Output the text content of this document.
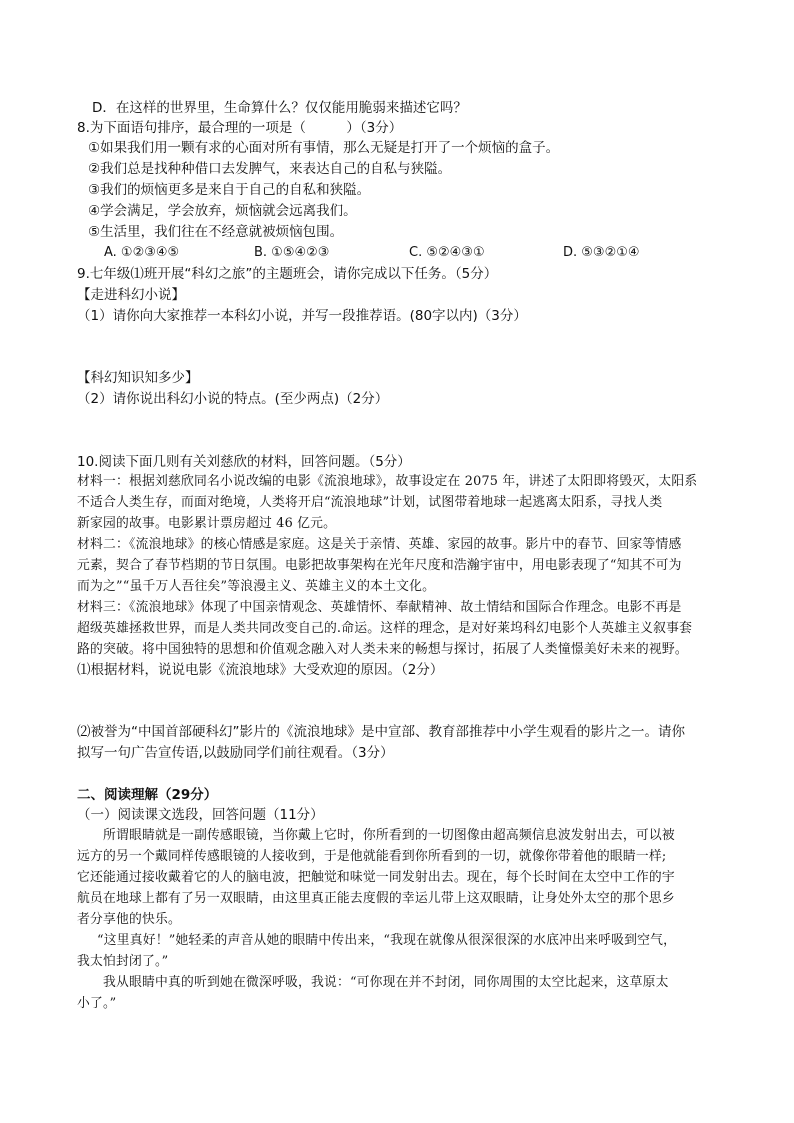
D．在这样的世界里，生命算什么？仅仅能用脆弱来描述它吗？
8.为下面语句排序，最合理的一项是（　　　）（3分）
①如果我们用一颗有求的心面对所有事情，那么无疑是打开了一个烦恼的盒子。
②我们总是找种种借口去发脾气，来表达自己的自私与狭隘。
③我们的烦恼更多是来自于自己的自私和狭隘。
④学会满足，学会放弃，烦恼就会远离我们。
⑤生活里，我们往在不经意就被烦恼包围。
A. ①②③④⑤	B. ①⑤④②③	C. ⑤②④③①	D. ⑤③②①④
9.七年级⑴班开展“科幻之旅”的主题班会，请你完成以下任务。（5分）
【走进科幻小说】
（1）请你向大家推荐一本科幻小说，并写一段推荐语。(80字以内)（3分）
【科幻知识知多少】
（2）请你说出科幻小说的特点。(至少两点)（2分）
10.阅读下面几则有关刘慈欣的材料，回答问题。（5分）
材料一：根据刘慈欣同名小说改编的电影《流浪地球》，故事设定在 2075 年，讲述了太阳即将毁灭，太阳系
不适合人类生存，而面对绝境，人类将开启“流浪地球”计划，试图带着地球一起逃离太阳系，寻找人类
新家园的故事。电影累计票房超过 46 亿元。
材料二：《流浪地球》的核心情感是家庭。这是关于亲情、英雄、家园的故事。影片中的春节、回家等情感
元素，契合了春节档期的节日氛围。电影把故事架构在光年尺度和浩瀚宇宙中，用电影表现了“知其不可为
而为之”“虽千万人吾往矣”等浪漫主义、英雄主义的本土文化。
材料三：《流浪地球》体现了中国亲情观念、英雄情怀、奉献精神、故土情结和国际合作理念。电影不再是
超级英雄拯救世界，而是人类共同改变自己的.命运。这样的理念，是对好莱坞科幻电影个人英雄主义叙事套
路的突破。将中国独特的思想和价值观念融入对人类未来的畅想与探讨，拓展了人类憧憬美好未来的视野。
⑴根据材料，说说电影《流浪地球》大受欢迎的原因。（2分）
⑵被誉为“中国首部硬科幻”影片的《流浪地球》是中宣部、教育部推荐中小学生观看的影片之一。请你
拟写一句广告宣传语,以鼓励同学们前往观看。（3分）
二、阅读理解（29分）
（一）阅读课文选段，回答问题（11分）
所谓眼睛就是一副传感眼镜，当你戴上它时，你所看到的一切图像由超高频信息波发射出去，可以被
远方的另一个戴同样传感眼镜的人接收到，于是他就能看到你所看到的一切，就像你带着他的眼睛一样;
它还能通过接收戴着它的人的脑电波，把触觉和味觉一同发射出去。现在，每个长时间在太空中工作的宇
航员在地球上都有了另一双眼睛，由这里真正能去度假的幸运儿带上这双眼睛，让身处外太空的那个思乡
者分享他的快乐。
“这里真好！”她轻柔的声音从她的眼睛中传出来，“我现在就像从很深很深的水底冲出来呼吸到空气，
我太怕封闭了。”
我从眼睛中真的听到她在微深呼吸，我说：“可你现在并不封闭，同你周围的太空比起来，这草原太
小了。”
